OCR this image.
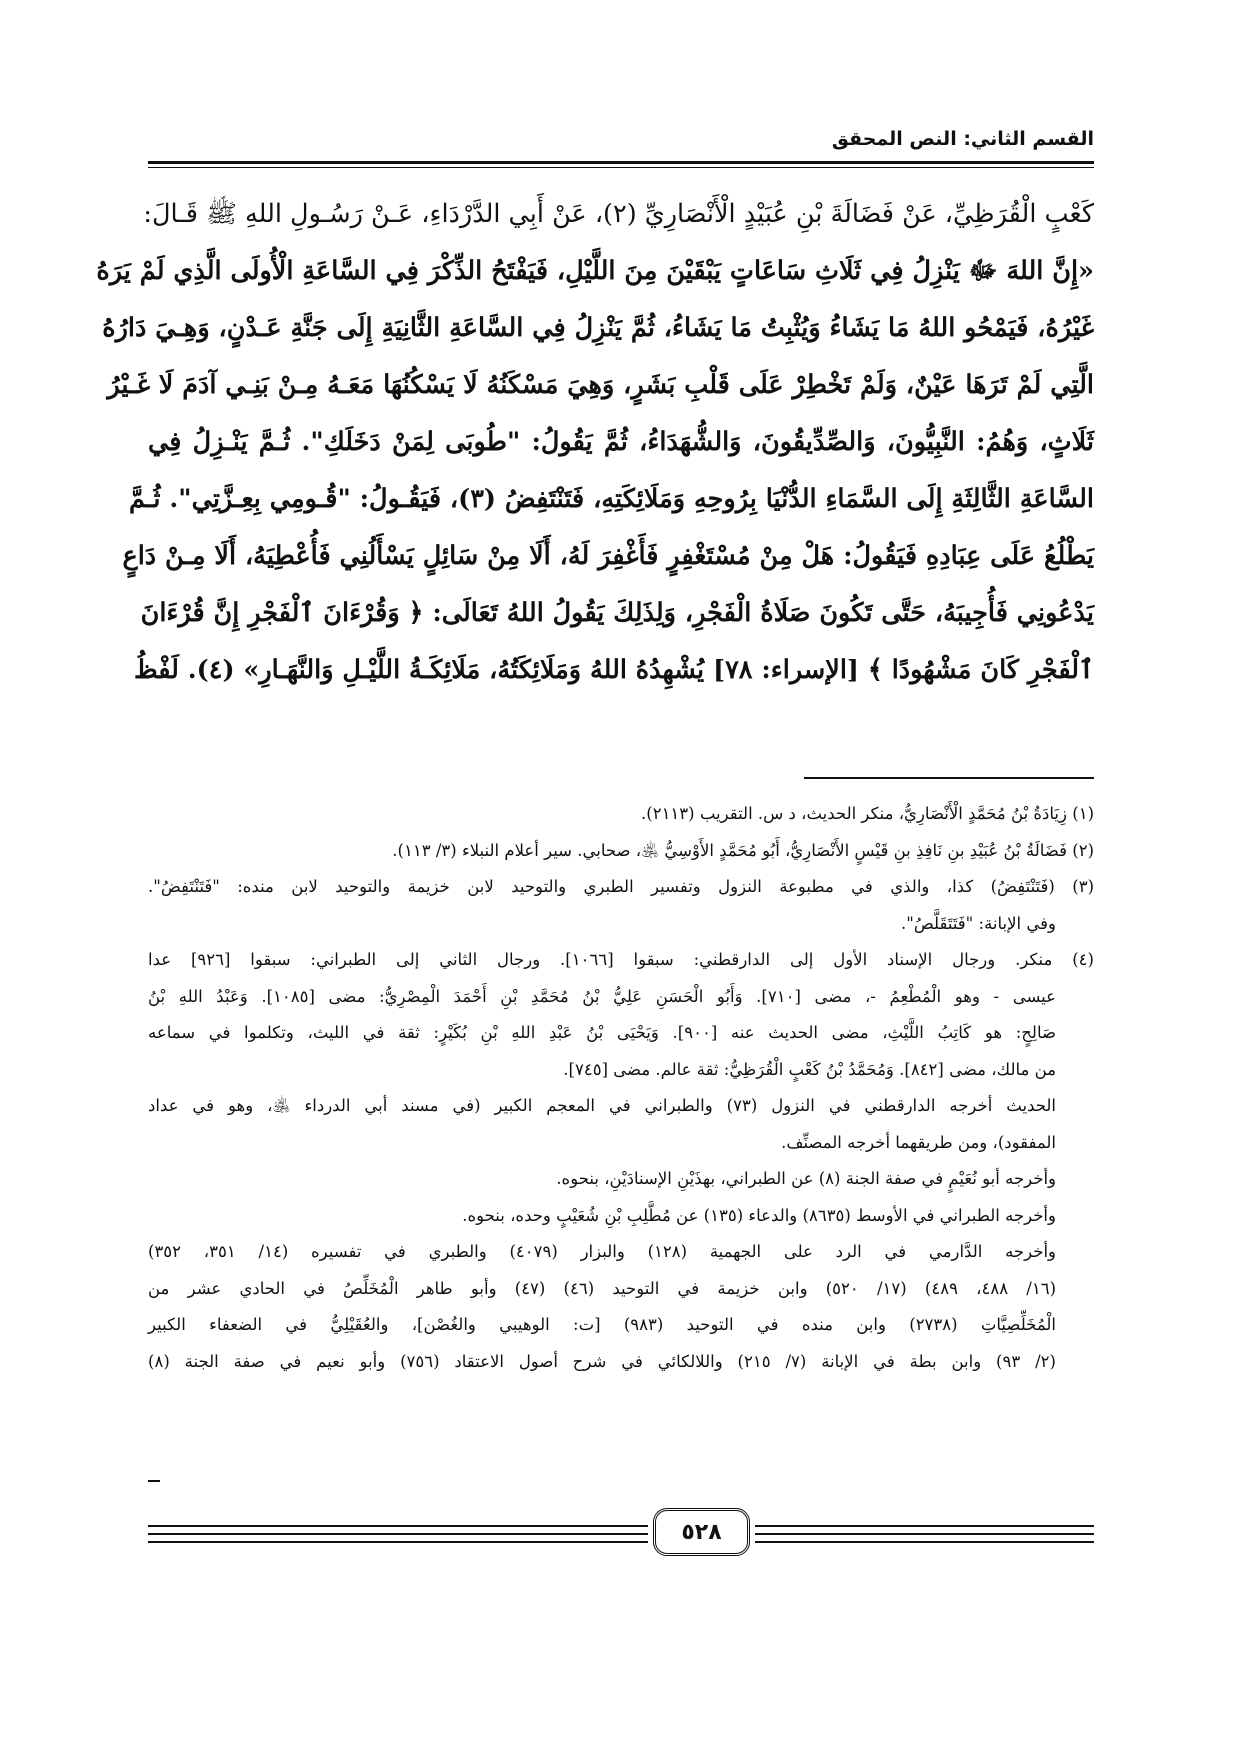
القسم الثاني: النص المحقق

كَعْبٍ الْقُرَظِيِّ، عَنْ فَضَالَةَ بْنِ عُبَيْدٍ الْأَنْصَارِيِّ (٢)، عَنْ أَبِي الدَّرْدَاءِ، عَـنْ رَسُـولِ اللهِ ﷺ قَـالَ:

«إِنَّ اللهَ ﷻ يَنْزِلُ فِي ثَلَاثِ سَاعَاتٍ يَبْقَيْنَ مِنَ اللَّيْلِ، فَيَفْتَحُ الذِّكْرَ فِي السَّاعَةِ الْأُولَى الَّذِي لَمْ يَرَهُ

غَيْرُهُ، فَيَمْحُو اللهُ مَا يَشَاءُ وَيُثْبِتُ مَا يَشَاءُ، ثُمَّ يَنْزِلُ فِي السَّاعَةِ الثَّانِيَةِ إِلَى جَنَّةِ عَـدْنٍ، وَهِـيَ دَارُهُ

الَّتِي لَمْ تَرَهَا عَيْنٌ، وَلَمْ تَخْطِرْ عَلَى قَلْبِ بَشَرٍ، وَهِيَ مَسْكَنُهُ لَا يَسْكُنُهَا مَعَـهُ مِـنْ بَنِـي آدَمَ لَا غَـيْرُ

ثَلَاثٍ، وَهُمُ: النَّبِيُّونَ، وَالصِّدِّيقُونَ، وَالشُّهَدَاءُ، ثُمَّ يَقُولُ: "طُوبَى لِمَنْ دَخَلَكِ". ثُـمَّ يَنْـزِلُ فِي

السَّاعَةِ الثَّالِثَةِ إِلَى السَّمَاءِ الدُّنْيَا بِرُوحِهِ وَمَلَائِكَتِهِ، فَتَنْتَفِضُ (٣)، فَيَقُـولُ: "قُـومِي بِعِـزَّتِي". ثُـمَّ

يَطْلُعُ عَلَى عِبَادِهِ فَيَقُولُ: هَلْ مِنْ مُسْتَغْفِرٍ فَأَغْفِرَ لَهُ، أَلَا مِنْ سَائِلٍ يَسْأَلُنِي فَأُعْطِيَهُ، أَلَا مِـنْ دَاعٍ

يَدْعُونِي فَأُجِيبَهُ، حَتَّى تَكُونَ صَلَاةُ الْفَجْرِ، وَلِذَلِكَ يَقُولُ اللهُ تَعَالَى: ﴿ وَقُرْءَانَ ٱلْفَجْرِ إِنَّ قُرْءَانَ

ٱلْفَجْرِ كَانَ مَشْهُودًا ﴾ [الإسراء: ٧٨] يُشْهِدُهُ اللهُ وَمَلَائِكَتُهُ، مَلَائِكَـةُ اللَّيْـلِ وَالنَّهَـارِ» (٤). لَفْظُ

(١) زِيَادَةُ بْنُ مُحَمَّدٍ الْأَنْصَارِيُّ، منكر الحديث، د س. التقريب (٢١١٣).

(٢) فَضَالَةُ بْنُ عُبَيْدِ بنِ نَافِذِ بنِ قَيْسٍ الأَنْصَارِيُّ، أَبُو مُحَمَّدٍ الأَوْسِيُّ ﵁، صحابي. سير أعلام النبلاء (٣/ ١١٣).

(٣) (فَتَنْتَفِضُ) كذا، والذي في مطبوعة النزول وتفسير الطبري والتوحيد لابن خزيمة والتوحيد لابن منده: "فَتَنْتَفِضُ".

وفي الإبانة: "فَتَتَقَلَّصُ".

(٤) منكر. ورجال الإسناد الأول إلى الدارقطني: سبقوا [١٠٦٦]. ورجال الثاني إلى الطبراني: سبقوا [٩٢٦] عدا

عيسى - وهو الْمُطْعِمُ -، مضى [٧١٠]. وَأَبُو الْحَسَنِ عَلِيُّ بْنُ مُحَمَّدِ بْنِ أَحْمَدَ الْمِصْرِيُّ: مضى [١٠٨٥]. وَعَبْدُ اللهِ بْنُ

صَالِحٍ: هو كَاتِبُ اللَّيْثِ، مضى الحديث عنه [٩٠٠]. وَيَحْيَى بْنُ عَبْدِ اللهِ بْنِ بُكَيْرٍ: ثقة في الليث، وتكلموا في سماعه

من مالك، مضى [٨٤٢]. وَمُحَمَّدُ بْنُ كَعْبٍ الْقُرَظِيُّ: ثقة عالم. مضى [٧٤٥].

الحديث أخرجه الدارقطني في النزول (٧٣) والطبراني في المعجم الكبير (في مسند أبي الدرداء ﵁، وهو في عداد

المفقود)، ومن طريقهما أخرجه المصنِّف.

وأخرجه أبو نُعَيْمٍ في صفة الجنة (٨) عن الطبراني، بهذَيْنِ الإسنادَيْنِ، بنحوه.

وأخرجه الطبراني في الأوسط (٨٦٣٥) والدعاء (١٣٥) عن مُطَّلِبِ بْنِ شُعَيْبٍ وحده، بنحوه.

وأخرجه الدَّارمي في الرد على الجهمية (١٢٨) والبزار (٤٠٧٩) والطبري في تفسيره (١٤/ ٣٥١، ٣٥٢)

(١٦/ ٤٨٨، ٤٨٩) (١٧/ ٥٢٠) وابن خزيمة في التوحيد (٤٦) (٤٧) وأبو طاهر الْمُخَلِّصُ في الحادي عشر من

الْمُخَلِّصِيَّاتِ (٢٧٣٨) وابن منده في التوحيد (٩٨٣) [ت: الوهيبي والغُصْن]، والعُقَيْلِيُّ في الضعفاء الكبير

(٢/ ٩٣) وابن بطة في الإبانة (٧/ ٢١٥) واللالكائي في شرح أصول الاعتقاد (٧٥٦) وأبو نعيم في صفة الجنة (٨)

٥٢٨
